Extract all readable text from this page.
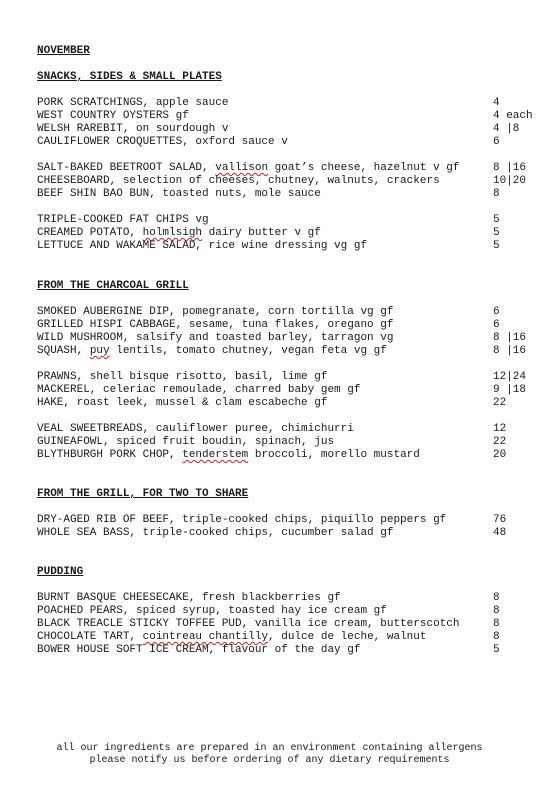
NOVEMBER
SNACKS, SIDES & SMALL PLATES
PORK SCRATCHINGS, apple sauce	4
WEST COUNTRY OYSTERS gf	4 each
WELSH RAREBIT, on sourdough v	4 |8
CAULIFLOWER CROQUETTES, oxford sauce v	6
SALT-BAKED BEETROOT SALAD, vallison goat’s cheese, hazelnut v gf	8 |16
CHEESEBOARD, selection of cheeses, chutney, walnuts, crackers	10|20
BEEF SHIN BAO BUN, toasted nuts, mole sauce	8
TRIPLE-COOKED FAT CHIPS vg	5
CREAMED POTATO, holmlsigh dairy butter v gf	5
LETTUCE AND WAKAME SALAD, rice wine dressing vg gf	5
FROM THE CHARCOAL GRILL
SMOKED AUBERGINE DIP, pomegranate, corn tortilla vg gf	6
GRILLED HISPI CABBAGE, sesame, tuna flakes, oregano gf	6
WILD MUSHROOM, salsify and toasted barley, tarragon vg	8 |16
SQUASH, puy lentils, tomato chutney, vegan feta vg gf	8 |16
PRAWNS, shell bisque risotto, basil, lime gf	12|24
MACKEREL, celeriac remoulade, charred baby gem gf	9 |18
HAKE, roast leek, mussel & clam escabeche gf	22
VEAL SWEETBREADS, cauliflower puree, chimichurri	12
GUINEAFOWL, spiced fruit boudin, spinach, jus	22
BLYTHBURGH PORK CHOP, tenderstem broccoli, morello mustard	20
FROM THE GRILL, FOR TWO TO SHARE
DRY-AGED RIB OF BEEF, triple-cooked chips, piquillo peppers gf	76
WHOLE SEA BASS, triple-cooked chips, cucumber salad gf	48
PUDDING
BURNT BASQUE CHEESECAKE, fresh blackberries gf	8
POACHED PEARS, spiced syrup, toasted hay ice cream gf	8
BLACK TREACLE STICKY TOFFEE PUD, vanilla ice cream, butterscotch	8
CHOCOLATE TART, cointreau chantilly, dulce de leche, walnut	8
BOWER HOUSE SOFT ICE CREAM, flavour of the day gf	5
all our ingredients are prepared in an environment containing allergens
please notify us before ordering of any dietary requirements
